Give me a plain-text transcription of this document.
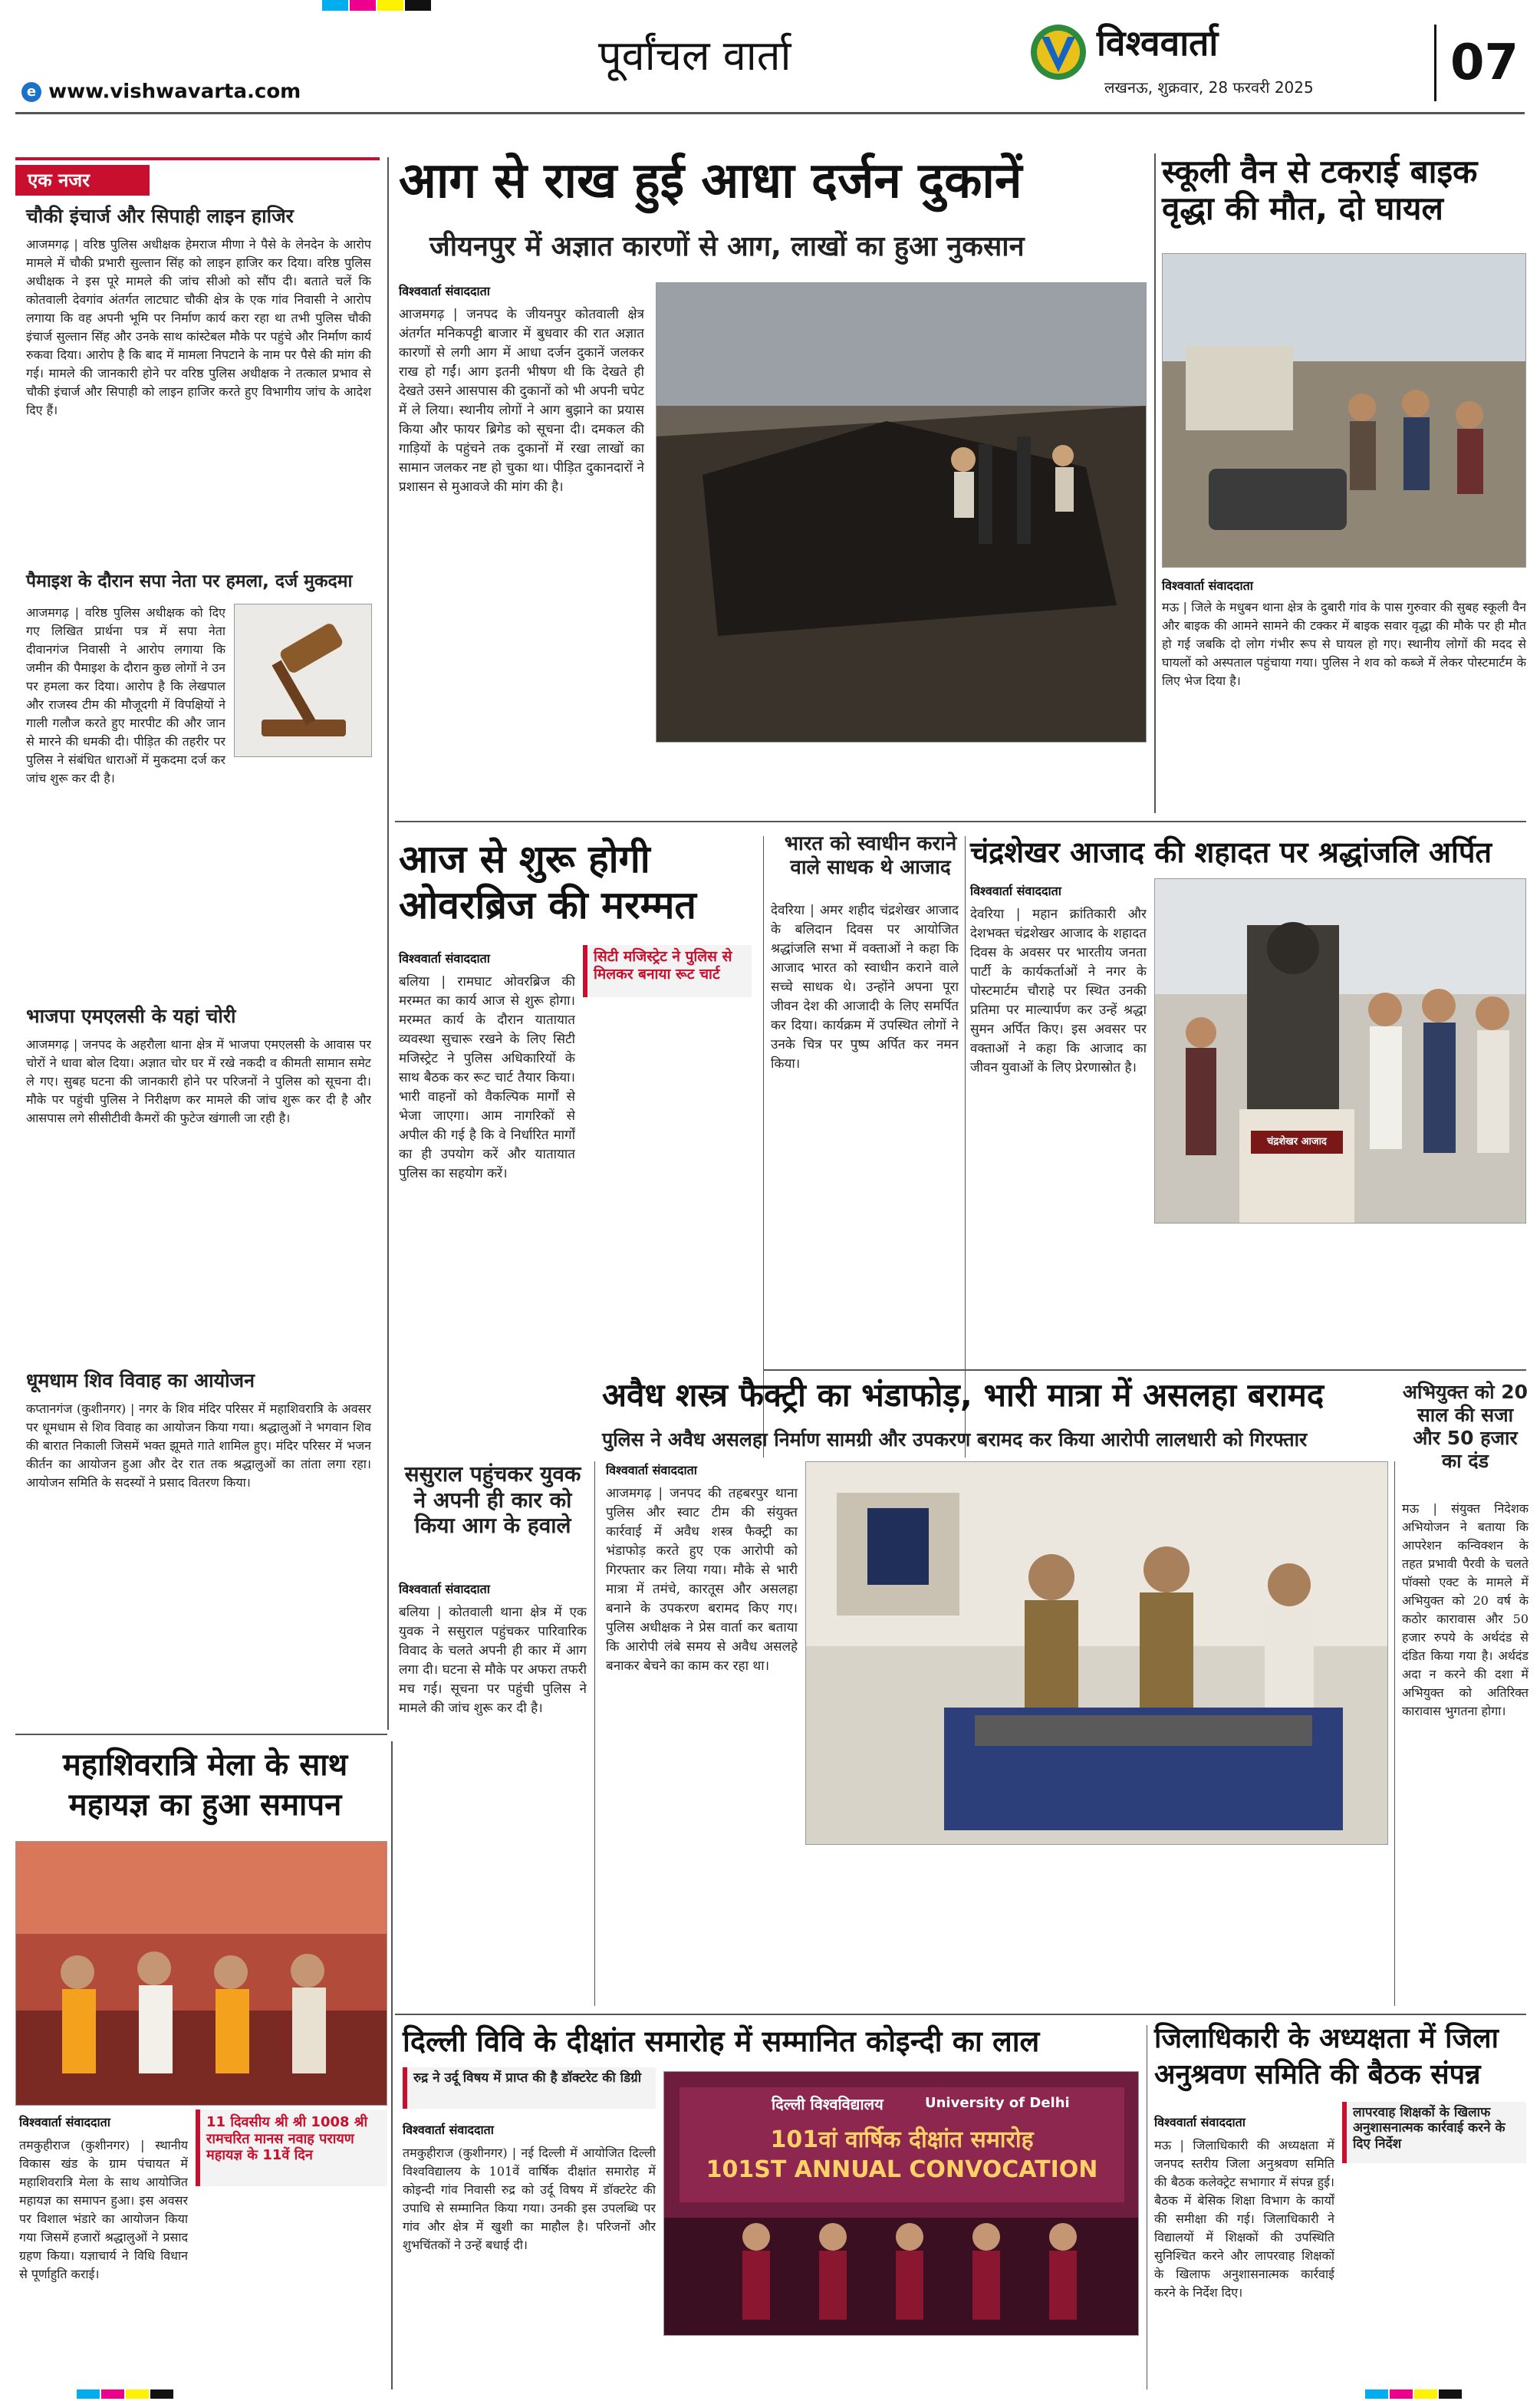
पूर्वांचल वार्ता
e www.vishwavarta.com
विश्ववार्ता
लखनऊ, शुक्रवार, 28 फरवरी 2025	07
एक नजर
चौकी इंचार्ज और सिपाही लाइन हाजिर
आजमगढ़ | वरिष्ठ पुलिस अधीक्षक हेमराज मीणा ने पैसे के लेनदेन के आरोप मामले में चौकी प्रभारी सुल्तान सिंह को लाइन हाजिर कर दिया। वरिष्ठ पुलिस अधीक्षक ने इस पूरे मामले की जांच सीओ को सौंप दी। बताते चलें कि कोतवाली देवगांव अंतर्गत लाटघाट चौकी क्षेत्र के एक गांव निवासी ने आरोप लगाया कि वह अपनी भूमि पर निर्माण कार्य करा रहा था तभी पुलिस चौकी इंचार्ज सुल्तान सिंह और उनके साथ कांस्टेबल मौके पर पहुंचे और निर्माण कार्य रुकवा दिया। आरोप है कि बाद में मामला निपटाने के नाम पर पैसे की मांग की गई। मामले की जानकारी होने पर वरिष्ठ पुलिस अधीक्षक ने तत्काल प्रभाव से चौकी इंचार्ज और सिपाही को लाइन हाजिर करते हुए विभागीय जांच के आदेश दिए हैं।
पैमाइश के दौरान सपा नेता पर हमला, दर्ज मुकदमा
आजमगढ़ | वरिष्ठ पुलिस अधीक्षक को दिए गए लिखित प्रार्थना पत्र में सपा नेता दीवानगंज निवासी ने आरोप लगाया कि जमीन की पैमाइश के दौरान कुछ लोगों ने उन पर हमला कर दिया। आरोप है कि लेखपाल और राजस्व टीम की मौजूदगी में विपक्षियों ने गाली गलौज करते हुए मारपीट की और जान से मारने की धमकी दी। पीड़ित की तहरीर पर पुलिस ने संबंधित धाराओं में मुकदमा दर्ज कर जांच शुरू कर दी है।
भाजपा एमएलसी के यहां चोरी
आजमगढ़ | जनपद के अहरौला थाना क्षेत्र में भाजपा एमएलसी के आवास पर चोरों ने धावा बोल दिया। अज्ञात चोर घर में रखे नकदी व कीमती सामान समेट ले गए। सुबह घटना की जानकारी होने पर परिजनों ने पुलिस को सूचना दी। मौके पर पहुंची पुलिस ने निरीक्षण कर मामले की जांच शुरू कर दी है और आसपास लगे सीसीटीवी कैमरों की फुटेज खंगाली जा रही है।
धूमधाम शिव विवाह का आयोजन
कप्तानगंज (कुशीनगर) | नगर के शिव मंदिर परिसर में महाशिवरात्रि के अवसर पर धूमधाम से शिव विवाह का आयोजन किया गया। श्रद्धालुओं ने भगवान शिव की बारात निकाली जिसमें भक्त झूमते गाते शामिल हुए। मंदिर परिसर में भजन कीर्तन का आयोजन हुआ और देर रात तक श्रद्धालुओं का तांता लगा रहा। आयोजन समिति के सदस्यों ने प्रसाद वितरण किया।
आग से राख हुई आधा दर्जन दुकानें
जीयनपुर में अज्ञात कारणों से आग, लाखों का हुआ नुकसान
विश्ववार्ता संवाददाता
आजमगढ़ | जनपद के जीयनपुर कोतवाली क्षेत्र अंतर्गत मनिकपट्टी बाजार में बुधवार की रात अज्ञात कारणों से लगी आग में आधा दर्जन दुकानें जलकर राख हो गईं। आग इतनी भीषण थी कि देखते ही देखते उसने आसपास की दुकानों को भी अपनी चपेट में ले लिया। स्थानीय लोगों ने आग बुझाने का प्रयास किया और फायर ब्रिगेड को सूचना दी। दमकल की गाड़ियों के पहुंचने तक दुकानों में रखा लाखों का सामान जलकर नष्ट हो चुका था। पीड़ित दुकानदारों ने प्रशासन से मुआवजे की मांग की है।
स्कूली वैन से टकराई बाइक वृद्धा की मौत, दो घायल
विश्ववार्ता संवाददाता
मऊ | जिले के मधुबन थाना क्षेत्र के दुबारी गांव के पास गुरुवार की सुबह स्कूली वैन और बाइक की आमने सामने की टक्कर में बाइक सवार वृद्धा की मौके पर ही मौत हो गई जबकि दो लोग गंभीर रूप से घायल हो गए। स्थानीय लोगों की मदद से घायलों को अस्पताल पहुंचाया गया। पुलिस ने शव को कब्जे में लेकर पोस्टमार्टम के लिए भेज दिया है।
आज से शुरू होगी ओवरब्रिज की मरम्मत
विश्ववार्ता संवाददाता	सिटी मजिस्ट्रेट ने पुलिस से मिलकर बनाया रूट चार्ट
बलिया | रामघाट ओवरब्रिज की मरम्मत का कार्य आज से शुरू होगा। मरम्मत कार्य के दौरान यातायात व्यवस्था सुचारू रखने के लिए सिटी मजिस्ट्रेट ने पुलिस अधिकारियों के साथ बैठक कर रूट चार्ट तैयार किया। भारी वाहनों को वैकल्पिक मार्गों से भेजा जाएगा। आम नागरिकों से अपील की गई है कि वे निर्धारित मार्गों का ही उपयोग करें और यातायात पुलिस का सहयोग करें।
भारत को स्वाधीन कराने वाले साधक थे आजाद
देवरिया | अमर शहीद चंद्रशेखर आजाद के बलिदान दिवस पर आयोजित श्रद्धांजलि सभा में वक्ताओं ने कहा कि आजाद भारत को स्वाधीन कराने वाले सच्चे साधक थे। उन्होंने अपना पूरा जीवन देश की आजादी के लिए समर्पित कर दिया। कार्यक्रम में उपस्थित लोगों ने उनके चित्र पर पुष्प अर्पित कर नमन किया।
चंद्रशेखर आजाद की शहादत पर श्रद्धांजलि अर्पित
विश्ववार्ता संवाददाता
देवरिया | महान क्रांतिकारी और देशभक्त चंद्रशेखर आजाद के शहादत दिवस के अवसर पर भारतीय जनता पार्टी के कार्यकर्ताओं ने नगर के पोस्टमार्टम चौराहे पर स्थित उनकी प्रतिमा पर माल्यार्पण कर उन्हें श्रद्धा सुमन अर्पित किए। इस अवसर पर वक्ताओं ने कहा कि आजाद का जीवन युवाओं के लिए प्रेरणास्रोत है।
चंद्रशेखर आजाद
ससुराल पहुंचकर युवक ने अपनी ही कार को किया आग के हवाले
विश्ववार्ता संवाददाता
बलिया | कोतवाली थाना क्षेत्र में एक युवक ने ससुराल पहुंचकर पारिवारिक विवाद के चलते अपनी ही कार में आग लगा दी। घटना से मौके पर अफरा तफरी मच गई। सूचना पर पहुंची पुलिस ने मामले की जांच शुरू कर दी है।
अवैध शस्त्र फैक्ट्री का भंडाफोड़, भारी मात्रा में असलहा बरामद
पुलिस ने अवैध असलहा निर्माण सामग्री और उपकरण बरामद कर किया आरोपी लालधारी को गिरफ्तार
विश्ववार्ता संवाददाता
आजमगढ़ | जनपद की तहबरपुर थाना पुलिस और स्वाट टीम की संयुक्त कार्रवाई में अवैध शस्त्र फैक्ट्री का भंडाफोड़ करते हुए एक आरोपी को गिरफ्तार कर लिया गया। मौके से भारी मात्रा में तमंचे, कारतूस और असलहा बनाने के उपकरण बरामद किए गए। पुलिस अधीक्षक ने प्रेस वार्ता कर बताया कि आरोपी लंबे समय से अवैध असलहे बनाकर बेचने का काम कर रहा था।
अभियुक्त को 20 साल की सजा और 50 हजार का दंड
मऊ | संयुक्त निदेशक अभियोजन ने बताया कि आपरेशन कन्विक्शन के तहत प्रभावी पैरवी के चलते पॉक्सो एक्ट के मामले में अभियुक्त को 20 वर्ष के कठोर कारावास और 50 हजार रुपये के अर्थदंड से दंडित किया गया है। अर्थदंड अदा न करने की दशा में अभियुक्त को अतिरिक्त कारावास भुगतना होगा।
महाशिवरात्रि मेला के साथ महायज्ञ का हुआ समापन
विश्ववार्ता संवाददाता	11 दिवसीय श्री श्री 1008 श्री रामचरित मानस नवाह परायण महायज्ञ के 11वें दिन
तमकुहीराज (कुशीनगर) | स्थानीय विकास खंड के ग्राम पंचायत में महाशिवरात्रि मेला के साथ आयोजित महायज्ञ का समापन हुआ। इस अवसर पर विशाल भंडारे का आयोजन किया गया जिसमें हजारों श्रद्धालुओं ने प्रसाद ग्रहण किया। यज्ञाचार्य ने विधि विधान से पूर्णाहुति कराई।
दिल्ली विवि के दीक्षांत समारोह में सम्मानित कोइन्दी का लाल
रुद्र ने उर्दू विषय में प्राप्त की है डॉक्टरेट की डिग्री
विश्ववार्ता संवाददाता
तमकुहीराज (कुशीनगर) | नई दिल्ली में आयोजित दिल्ली विश्वविद्यालय के 101वें वार्षिक दीक्षांत समारोह में कोइन्दी गांव निवासी रुद्र को उर्दू विषय में डॉक्टरेट की उपाधि से सम्मानित किया गया। उनकी इस उपलब्धि पर गांव और क्षेत्र में खुशी का माहौल है। परिजनों और शुभचिंतकों ने उन्हें बधाई दी।
दिल्ली विश्वविद्यालय	University of Delhi
101वां वार्षिक दीक्षांत समारोह
101ST ANNUAL CONVOCATION
जिलाधिकारी के अध्यक्षता में जिला अनुश्रवण समिति की बैठक संपन्न
विश्ववार्ता संवाददाता
लापरवाह शिक्षकों के खिलाफ अनुशासनात्मक कार्रवाई करने के दिए निर्देश
मऊ | जिलाधिकारी की अध्यक्षता में जनपद स्तरीय जिला अनुश्रवण समिति की बैठक कलेक्ट्रेट सभागार में संपन्न हुई। बैठक में बेसिक शिक्षा विभाग के कार्यों की समीक्षा की गई। जिलाधिकारी ने विद्यालयों में शिक्षकों की उपस्थिति सुनिश्चित करने और लापरवाह शिक्षकों के खिलाफ अनुशासनात्मक कार्रवाई करने के निर्देश दिए।
